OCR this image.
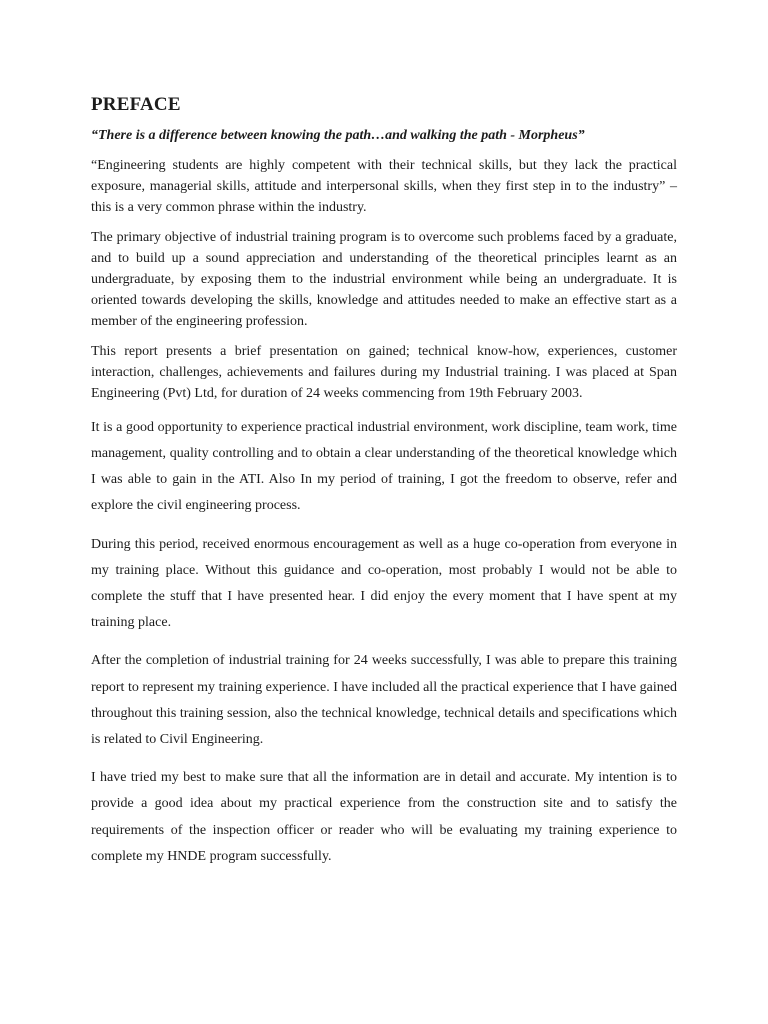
PREFACE

“There is a difference between knowing the path…and walking the path - Morpheus”

“Engineering students are highly competent with their technical skills, but they lack the practical exposure, managerial skills, attitude and interpersonal skills, when they first step in to the industry” – this is a very common phrase within the industry.

The primary objective of industrial training program is to overcome such problems faced by a graduate, and to build up a sound appreciation and understanding of the theoretical principles learnt as an undergraduate, by exposing them to the industrial environment while being an undergraduate. It is oriented towards developing the skills, knowledge and attitudes needed to make an effective start as a member of the engineering profession.

This report presents a brief presentation on gained; technical know-how, experiences, customer interaction, challenges, achievements and failures during my Industrial training. I was placed at Span Engineering (Pvt) Ltd, for duration of 24 weeks commencing from 19th February 2003.

It is a good opportunity to experience practical industrial environment, work discipline, team work, time management, quality controlling and to obtain a clear understanding of the theoretical knowledge which I was able to gain in the ATI. Also In my period of training, I got the freedom to observe, refer and explore the civil engineering process.

During this period, received enormous encouragement as well as a huge co-operation from everyone in my training place. Without this guidance and co-operation, most probably I would not be able to complete the stuff that I have presented hear. I did enjoy the every moment that I have spent at my training place.

After the completion of industrial training for 24 weeks successfully, I was able to prepare this training report to represent my training experience. I have included all the practical experience that I have gained throughout this training session, also the technical knowledge, technical details and specifications which is related to Civil Engineering.

I have tried my best to make sure that all the information are in detail and accurate. My intention is to provide a good idea about my practical experience from the construction site and to satisfy the requirements of the inspection officer or reader who will be evaluating my training experience to complete my HNDE program successfully.
